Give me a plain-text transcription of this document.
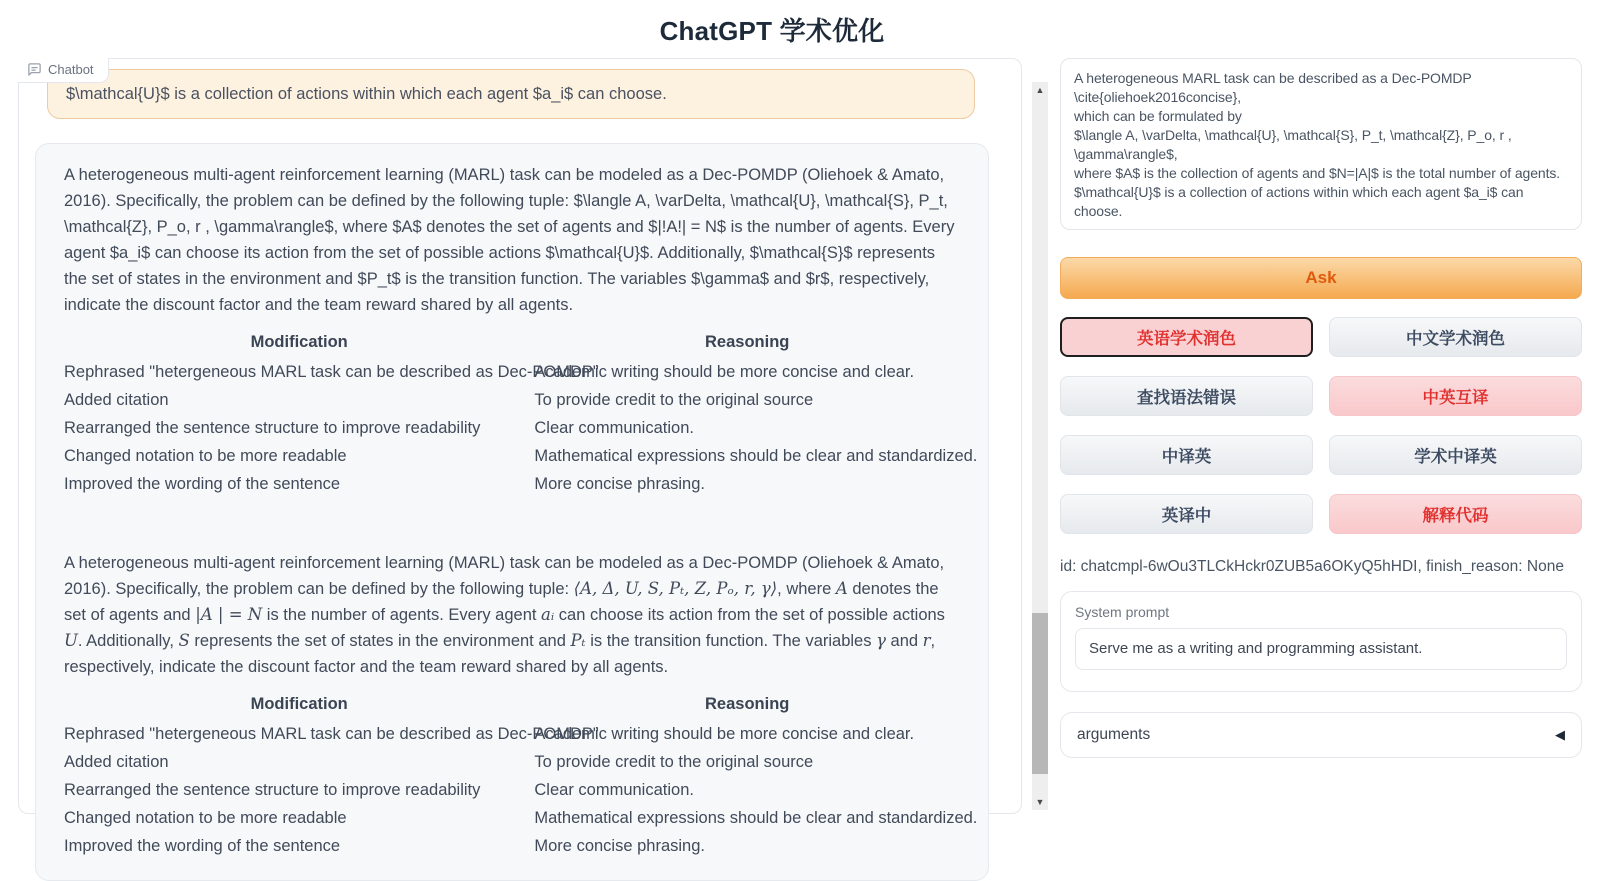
ChatGPT 学术优化
$\mathcal{U}$ is a collection of actions within which each agent $a_i$ can choose.

A heterogeneous multi-agent reinforcement learning (MARL) task can be modeled as a Dec-POMDP (Oliehoek & Amato, 2016). Specifically, the problem can be defined by the following tuple: $\langle A, \varDelta, \mathcal{U}, \mathcal{S}, P_t, \mathcal{Z}, P_o, r , \gamma\rangle$, where $A$ denotes the set of agents and $|!A!| = N$ is the number of agents. Every agent $a_i$ can choose its action from the set of possible actions $\mathcal{U}$. Additionally, $\mathcal{S}$ represents the set of states in the environment and $P_t$ is the transition function. The variables $\gamma$ and $r$, respectively, indicate the discount factor and the team reward shared by all agents.

Modification	Reasoning
Rephrased "hetergeneous MARL task can be described as Dec-POMDP"	Academic writing should be more concise and clear.
Added citation	To provide credit to the original source
Rearranged the sentence structure to improve readability	Clear communication.
Changed notation to be more readable	Mathematical expressions should be clear and standardized.
Improved the wording of the sentence	More concise phrasing.

A heterogeneous multi-agent reinforcement learning (MARL) task can be modeled as a Dec-POMDP (Oliehoek & Amato, 2016). Specifically, the problem can be defined by the following tuple: ⟨A, Δ, U, S, Pₜ, Z, Pₒ, r, γ⟩, where A denotes the set of agents and |A | = N is the number of agents. Every agent aᵢ can choose its action from the set of possible actions U. Additionally, S represents the set of states in the environment and Pₜ is the transition function. The variables γ and r, respectively, indicate the discount factor and the team reward shared by all agents.

Modification	Reasoning
Rephrased "hetergeneous MARL task can be described as Dec-POMDP"	Academic writing should be more concise and clear.
Added citation	To provide credit to the original source
Rearranged the sentence structure to improve readability	Clear communication.
Changed notation to be more readable	Mathematical expressions should be clear and standardized.
Improved the wording of the sentence	More concise phrasing.
Chatbot
▲
▼
A heterogeneous MARL task can be described as a Dec-POMDP \cite{oliehoek2016concise}, which can be formulated by $\langle A, \varDelta, \mathcal{U}, \mathcal{S}, P_t, \mathcal{Z}, P_o, r , \gamma\rangle$, where $A$ is the collection of agents and $N=|A|$ is the total number of agents. $\mathcal{U}$ is a collection of actions within which each agent $a_i$ can choose. Ask
英语学术润色	中文学术润色
查找语法错误	中英互译
中译英	学术中译英
英译中	解释代码
id: chatcmpl-6wOu3TLCkHckr0ZUB5a6OKyQ5hHDI, finish_reason: None
System prompt
Serve me as a writing and programming assistant.
arguments	◀
